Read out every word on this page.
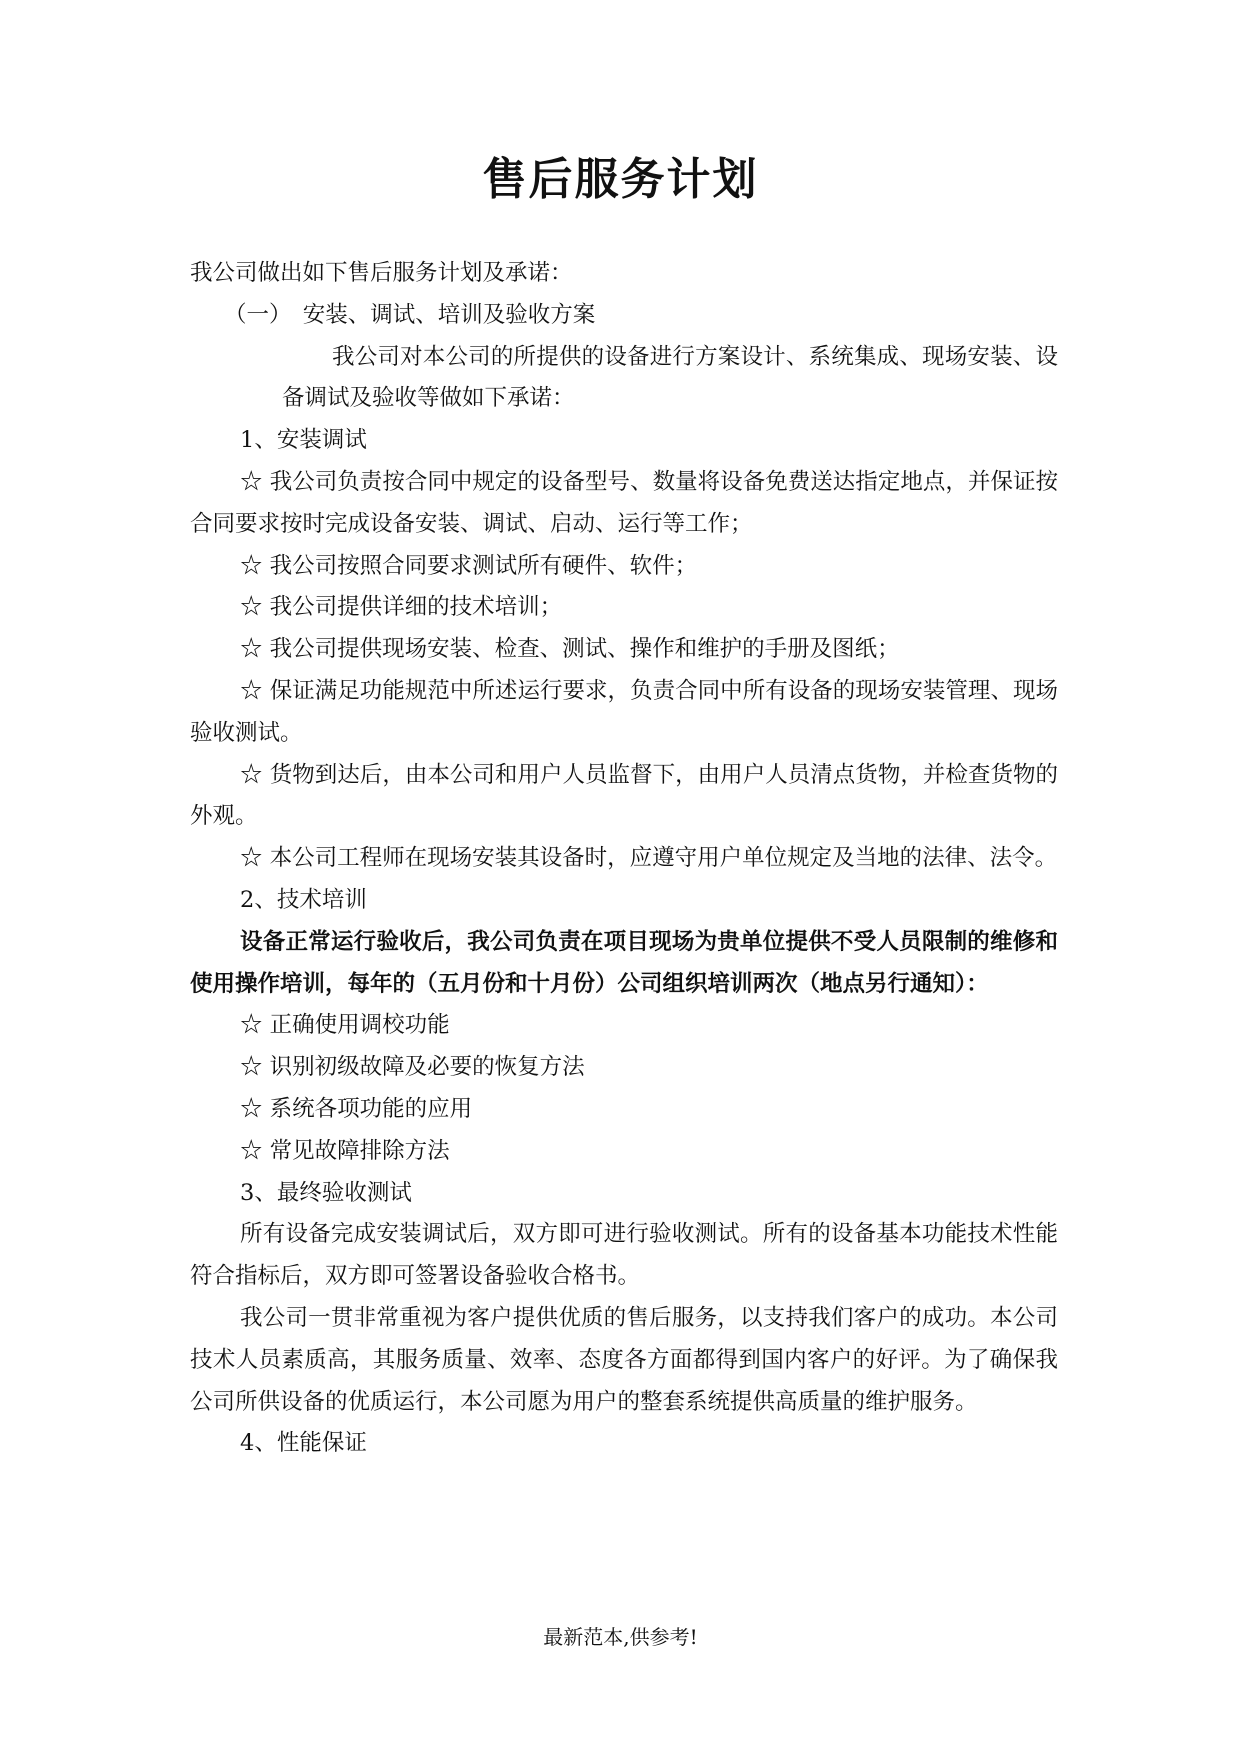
售后服务计划

我公司做出如下售后服务计划及承诺：

（一）　安装、调试、培训及验收方案

我公司对本公司的所提供的设备进行方案设计、系统集成、现场安装、设备调试及验收等做如下承诺：

1、安装调试

☆ 我公司负责按合同中规定的设备型号、数量将设备免费送达指定地点，并保证按合同要求按时完成设备安装、调试、启动、运行等工作；

☆ 我公司按照合同要求测试所有硬件、软件；

☆ 我公司提供详细的技术培训；

☆ 我公司提供现场安装、检查、测试、操作和维护的手册及图纸；

☆ 保证满足功能规范中所述运行要求，负责合同中所有设备的现场安装管理、现场验收测试。

☆ 货物到达后，由本公司和用户人员监督下，由用户人员清点货物，并检查货物的外观。

☆ 本公司工程师在现场安装其设备时，应遵守用户单位规定及当地的法律、法令。

2、技术培训

设备正常运行验收后，我公司负责在项目现场为贵单位提供不受人员限制的维修和使用操作培训，每年的（五月份和十月份）公司组织培训两次（地点另行通知）：

☆ 正确使用调校功能

☆ 识别初级故障及必要的恢复方法

☆ 系统各项功能的应用

☆ 常见故障排除方法

3、最终验收测试

所有设备完成安装调试后，双方即可进行验收测试。所有的设备基本功能技术性能符合指标后，双方即可签署设备验收合格书。

我公司一贯非常重视为客户提供优质的售后服务，以支持我们客户的成功。本公司技术人员素质高，其服务质量、效率、态度各方面都得到国内客户的好评。为了确保我公司所供设备的优质运行，本公司愿为用户的整套系统提供高质量的维护服务。

4、性能保证

最新范本,供参考!
